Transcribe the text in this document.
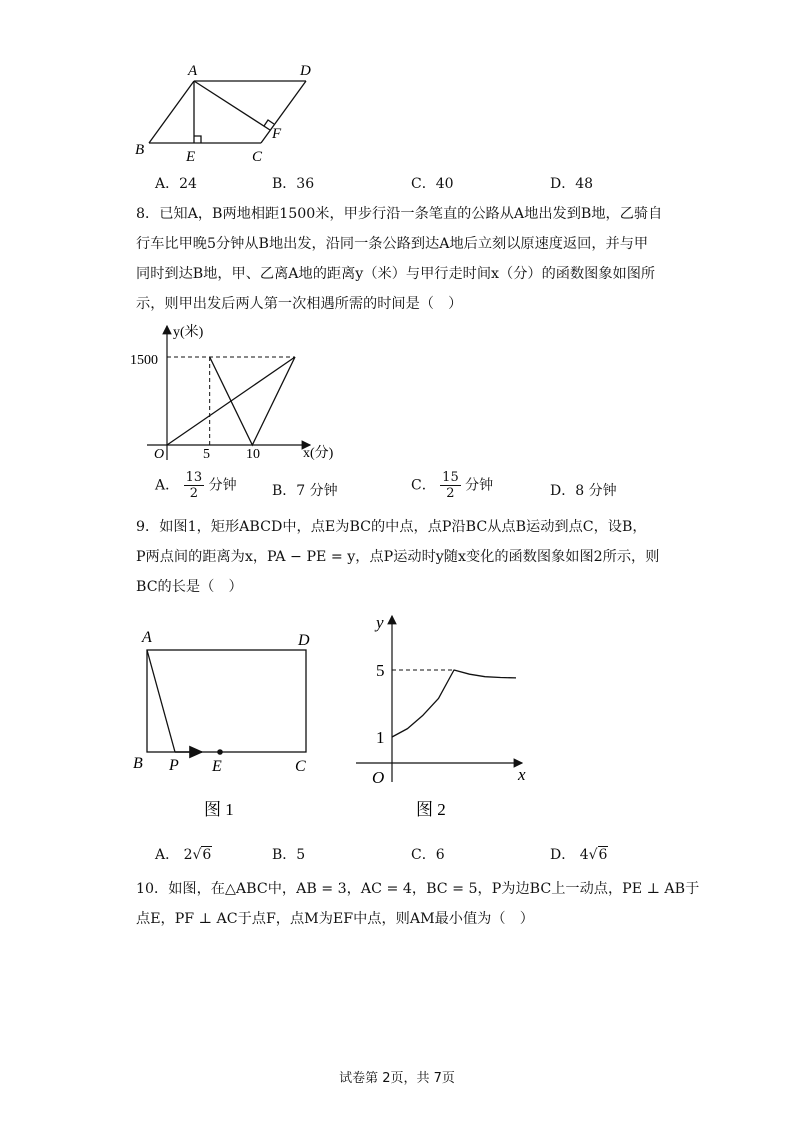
A	D
B	E	C
F
A．24	B．36	C．40	D．48
8．已知A，B两地相距1500米，甲步行沿一条笔直的公路从A地出发到B地，乙骑自
行车比甲晚5分钟从B地出发，沿同一条公路到达A地后立刻以原速度返回，并与甲
同时到达B地，甲、乙离A地的距离y（米）与甲行走时间x（分）的函数图象如图所
示，则甲出发后两人第一次相遇所需的时间是（　）
y(米)
x(分)
O
1500
5	10
A． $\frac{13}{2}$ 分钟	B．7 分钟	C． $\frac{15}{2}$ 分钟	D．8 分钟
9．如图1，矩形ABCD中，点E为BC的中点，点P沿BC从点B运动到点C，设B，
P两点间的距离为x，PA − PE = y，点P运动时y随x变化的函数图象如图2所示，则
BC的长是（　）
A	D
B P E	C
图 1
y
x
O
5
1
图 2
A． 2√6	B．5	C．6	D． 4√6
10．如图，在△ABC中，AB = 3，AC = 4，BC = 5，P为边BC上一动点，PE ⊥ AB于
点E，PF ⊥ AC于点F，点M为EF中点，则AM最小值为（　）
试卷第 2页，共 7页
